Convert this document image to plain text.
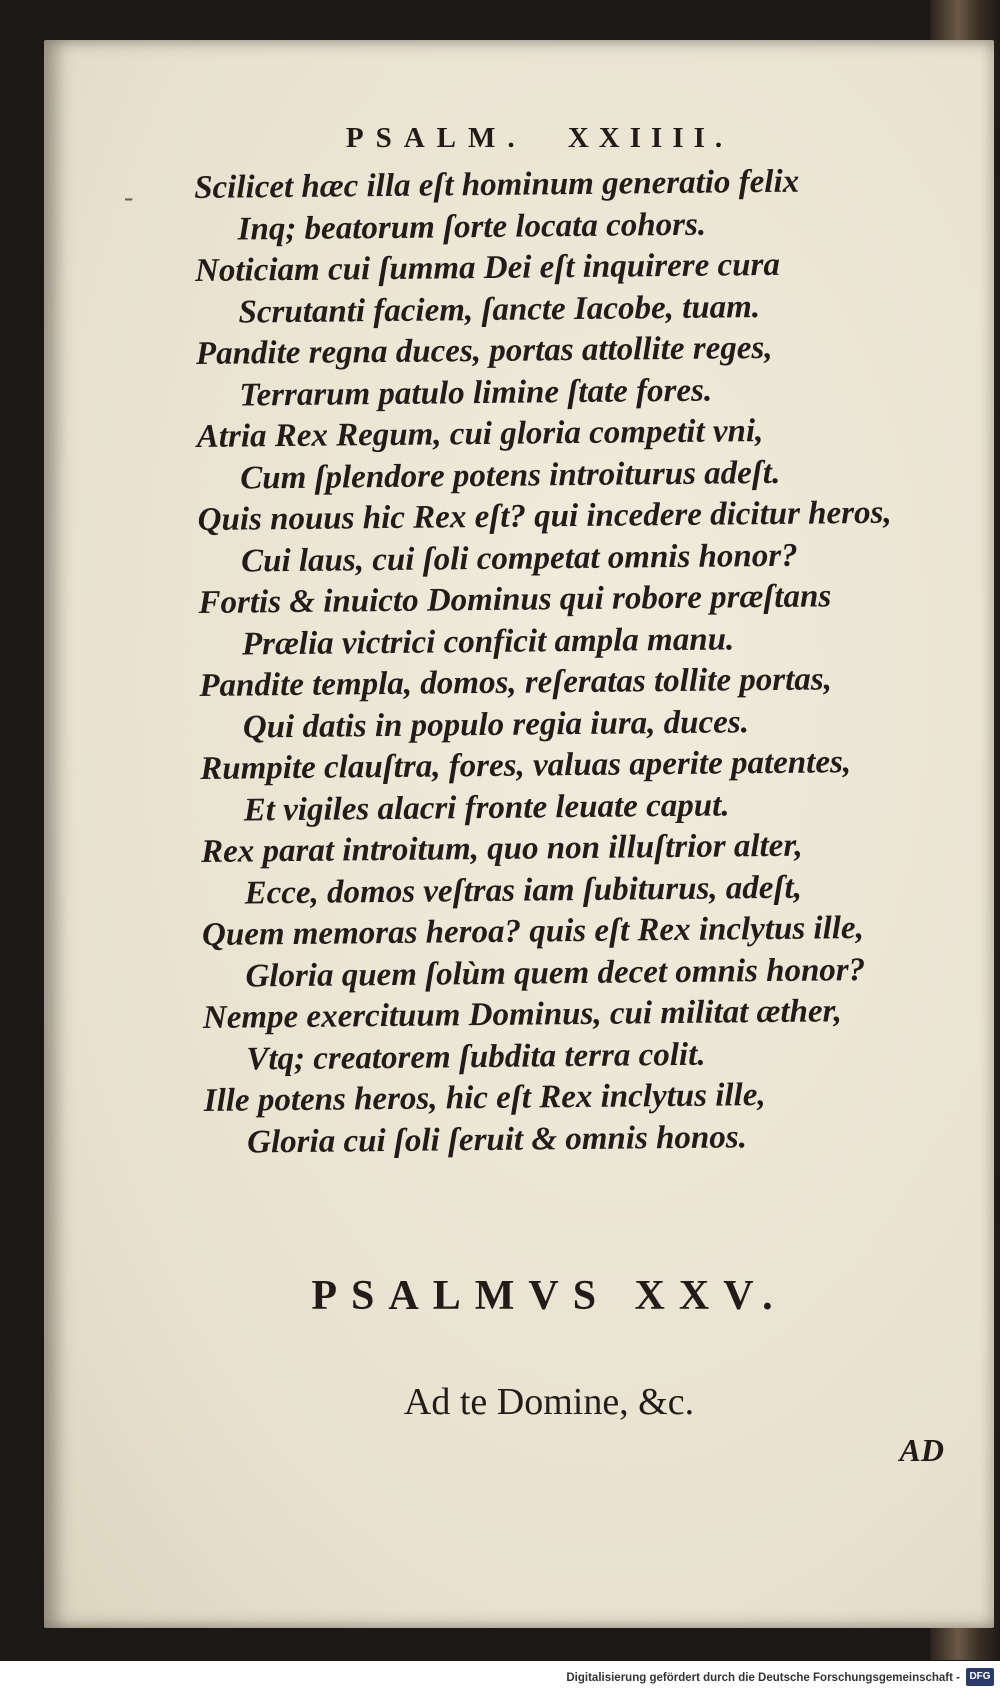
-
PSALM. XXIIII.
Scilicet hæc illa eſt hominum generatio felix
Inq; beatorum ſorte locata cohors.
Noticiam cui ſumma Dei eſt inquirere cura
Scrutanti faciem, ſancte Iacobe, tuam.
Pandite regna duces, portas attollite reges,
Terrarum patulo limine ſtate fores.
Atria Rex Regum, cui gloria competit vni,
Cum ſplendore potens introiturus adeſt.
Quis nouus hic Rex eſt? qui incedere dicitur heros,
Cui laus, cui ſoli competat omnis honor?
Fortis & inuicto Dominus qui robore præſtans
Prælia victrici conficit ampla manu.
Pandite templa, domos, reſeratas tollite portas,
Qui datis in populo regia iura, duces.
Rumpite clauſtra, fores, valuas aperite patentes,
Et vigiles alacri fronte leuate caput.
Rex parat introitum, quo non illuſtrior alter,
Ecce, domos veſtras iam ſubiturus, adeſt,
Quem memoras heroa? quis eſt Rex inclytus ille,
Gloria quem ſolùm quem decet omnis honor?
Nempe exercituum Dominus, cui militat æther,
Vtq; creatorem ſubdita terra colit.
Ille potens heros, hic eſt Rex inclytus ille,
Gloria cui ſoli ſeruit & omnis honos.
PSALMVS XXV.
Ad te Domine, &c.
AD
Digitalisierung gefördert durch die Deutsche Forschungsgemeinschaft - DFG
